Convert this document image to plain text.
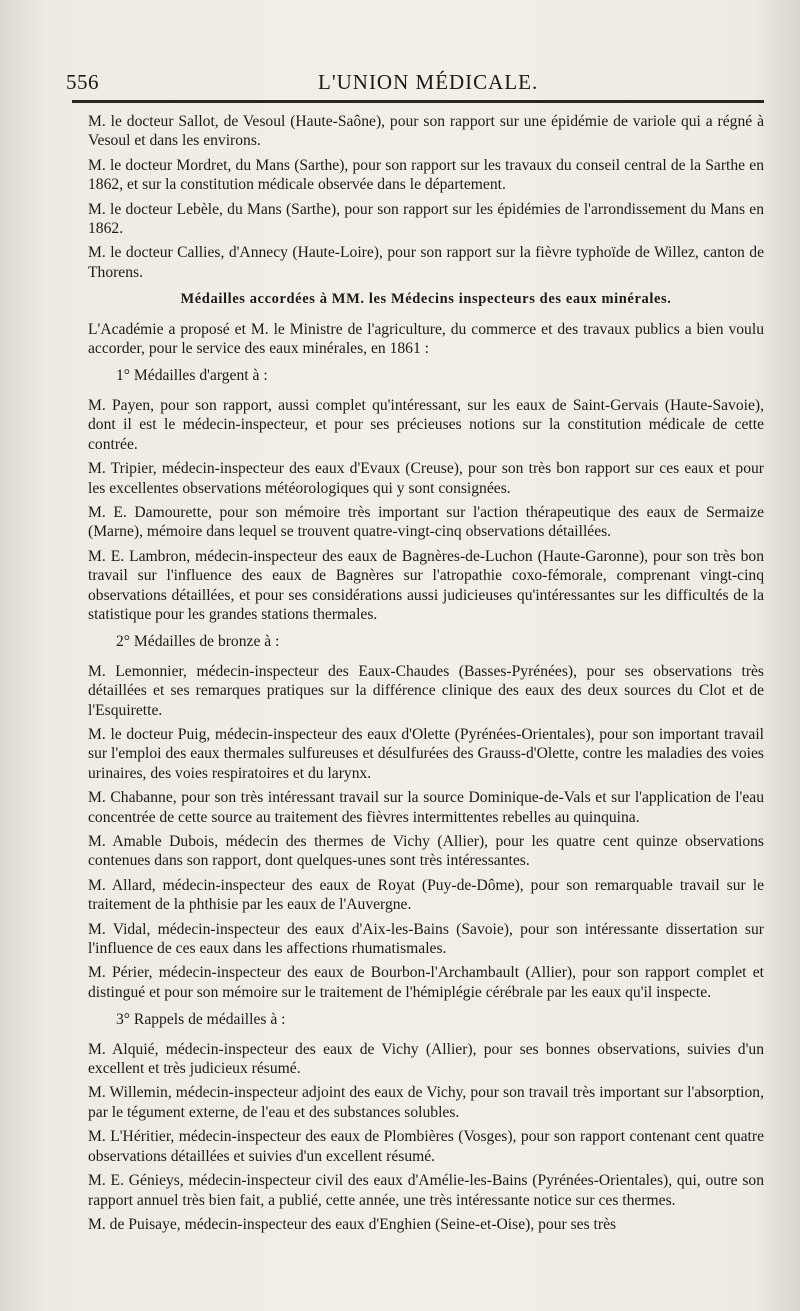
556	L'UNION MÉDICALE.

M. le docteur Sallot, de Vesoul (Haute-Saône), pour son rapport sur une épidémie de variole qui a régné à Vesoul et dans les environs.

M. le docteur Mordret, du Mans (Sarthe), pour son rapport sur les travaux du conseil central de la Sarthe en 1862, et sur la constitution médicale observée dans le département.

M. le docteur Lebèle, du Mans (Sarthe), pour son rapport sur les épidémies de l'arrondissement du Mans en 1862.

M. le docteur Callies, d'Annecy (Haute-Loire), pour son rapport sur la fièvre typhoïde de Willez, canton de Thorens.

Médailles accordées à MM. les Médecins inspecteurs des eaux minérales.

L'Académie a proposé et M. le Ministre de l'agriculture, du commerce et des travaux publics a bien voulu accorder, pour le service des eaux minérales, en 1861 :

1° Médailles d'argent à :

M. Payen, pour son rapport, aussi complet qu'intéressant, sur les eaux de Saint-Gervais (Haute-Savoie), dont il est le médecin-inspecteur, et pour ses précieuses notions sur la constitution médicale de cette contrée.

M. Tripier, médecin-inspecteur des eaux d'Evaux (Creuse), pour son très bon rapport sur ces eaux et pour les excellentes observations météorologiques qui y sont consignées.

M. E. Damourette, pour son mémoire très important sur l'action thérapeutique des eaux de Sermaize (Marne), mémoire dans lequel se trouvent quatre-vingt-cinq observations détaillées.

M. E. Lambron, médecin-inspecteur des eaux de Bagnères-de-Luchon (Haute-Garonne), pour son très bon travail sur l'influence des eaux de Bagnères sur l'atropathie coxo-fémorale, comprenant vingt-cinq observations détaillées, et pour ses considérations aussi judicieuses qu'intéressantes sur les difficultés de la statistique pour les grandes stations thermales.

2° Médailles de bronze à :

M. Lemonnier, médecin-inspecteur des Eaux-Chaudes (Basses-Pyrénées), pour ses observations très détaillées et ses remarques pratiques sur la différence clinique des eaux des deux sources du Clot et de l'Esquirette.

M. le docteur Puig, médecin-inspecteur des eaux d'Olette (Pyrénées-Orientales), pour son important travail sur l'emploi des eaux thermales sulfureuses et désulfurées des Grauss-d'Olette, contre les maladies des voies urinaires, des voies respiratoires et du larynx.

M. Chabanne, pour son très intéressant travail sur la source Dominique-de-Vals et sur l'application de l'eau concentrée de cette source au traitement des fièvres intermittentes rebelles au quinquina.

M. Amable Dubois, médecin des thermes de Vichy (Allier), pour les quatre cent quinze observations contenues dans son rapport, dont quelques-unes sont très intéressantes.

M. Allard, médecin-inspecteur des eaux de Royat (Puy-de-Dôme), pour son remarquable travail sur le traitement de la phthisie par les eaux de l'Auvergne.

M. Vidal, médecin-inspecteur des eaux d'Aix-les-Bains (Savoie), pour son intéressante dissertation sur l'influence de ces eaux dans les affections rhumatismales.

M. Périer, médecin-inspecteur des eaux de Bourbon-l'Archambault (Allier), pour son rapport complet et distingué et pour son mémoire sur le traitement de l'hémiplégie cérébrale par les eaux qu'il inspecte.

3° Rappels de médailles à :

M. Alquié, médecin-inspecteur des eaux de Vichy (Allier), pour ses bonnes observations, suivies d'un excellent et très judicieux résumé.

M. Willemin, médecin-inspecteur adjoint des eaux de Vichy, pour son travail très important sur l'absorption, par le tégument externe, de l'eau et des substances solubles.

M. L'Héritier, médecin-inspecteur des eaux de Plombières (Vosges), pour son rapport contenant cent quatre observations détaillées et suivies d'un excellent résumé.

M. E. Génieys, médecin-inspecteur civil des eaux d'Amélie-les-Bains (Pyrénées-Orientales), qui, outre son rapport annuel très bien fait, a publié, cette année, une très intéressante notice sur ces thermes.

M. de Puisaye, médecin-inspecteur des eaux d'Enghien (Seine-et-Oise), pour ses très
